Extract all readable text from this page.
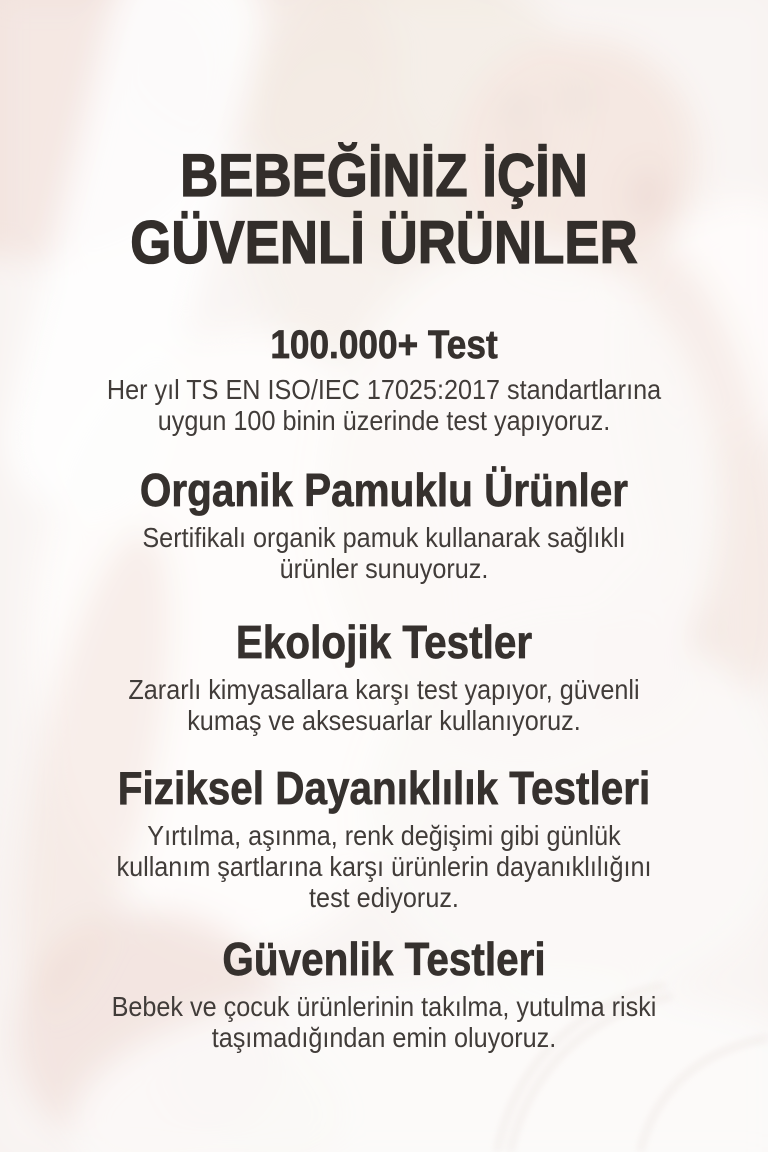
BEBEĞİNİZ İÇİN
GÜVENLİ ÜRÜNLER
100.000+ Test

Her yıl TS EN ISO/IEC 17025:2017 standartlarına
uygun 100 binin üzerinde test yapıyoruz.

Organik Pamuklu Ürünler

Sertifikalı organik pamuk kullanarak sağlıklı
ürünler sunuyoruz.

Ekolojik Testler

Zararlı kimyasallara karşı test yapıyor, güvenli
kumaş ve aksesuarlar kullanıyoruz.

Fiziksel Dayanıklılık Testleri

Yırtılma, aşınma, renk değişimi gibi günlük
kullanım şartlarına karşı ürünlerin dayanıklılığını
test ediyoruz.

Güvenlik Testleri

Bebek ve çocuk ürünlerinin takılma, yutulma riski
taşımadığından emin oluyoruz.
